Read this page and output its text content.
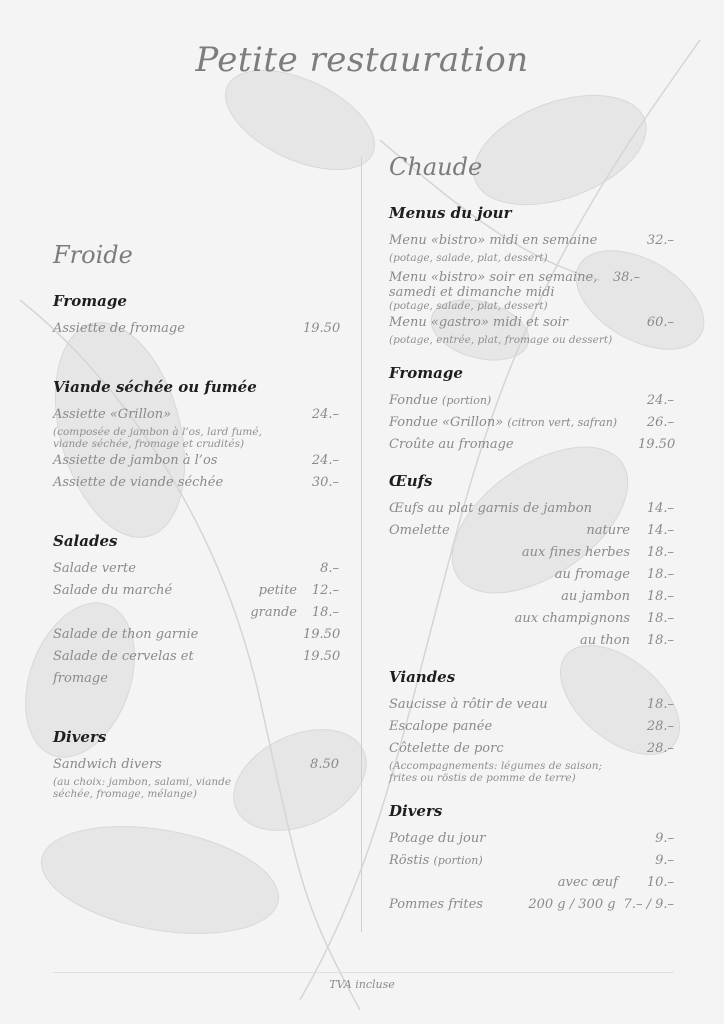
Petite restauration
Froide
Fromage
Assiette de fromage	19.50
Viande séchée ou fumée
Assiette «Grillon»	24.–
(composée de jambon à l’os, lard fumé, viande séchée, fromage et crudités)
Assiette de jambon à l’os	24.–
Assiette de viande séchée	30.–
Salades
Salade verte	8.–
Salade du marché	petite	12.–
grande	18.–
Salade de thon garnie	19.50
Salade de cervelas et fromage
19.50
Divers
Sandwich divers	8.50
(au choix: jambon, salami, viande séchée, fromage, mélange)
Chaude
Menus du jour
Menu «bistro» midi en semaine	32.–
(potage, salade, plat, dessert)
Menu «bistro» soir en semaine, samedi et dimanche midi
38.–
(potage, salade, plat, dessert)
Menu «gastro» midi et soir	60.–
(potage, entrée, plat, fromage ou dessert)
Fromage
Fondue (portion)	24.–
Fondue «Grillon» (citron vert, safran)	26.–
Croûte au fromage	19.50
Œufs
Œufs au plat garnis de jambon	14.–
Omelette	nature	14.–
aux fines herbes	18.–
au fromage	18.–
au jambon	18.–
aux champignons	18.–
au thon	18.–
Viandes
Saucisse à rôtir de veau	18.–
Escalope panée	28.–
Côtelette de porc	28.–
(Accompagnements: légumes de saison; frites ou röstis de pomme de terre)
Divers
Potage du jour	9.–
Röstis (portion)	9.–
avec œuf	10.–
Pommes frites	200 g / 300 g 7.– / 9.–
TVA incluse
